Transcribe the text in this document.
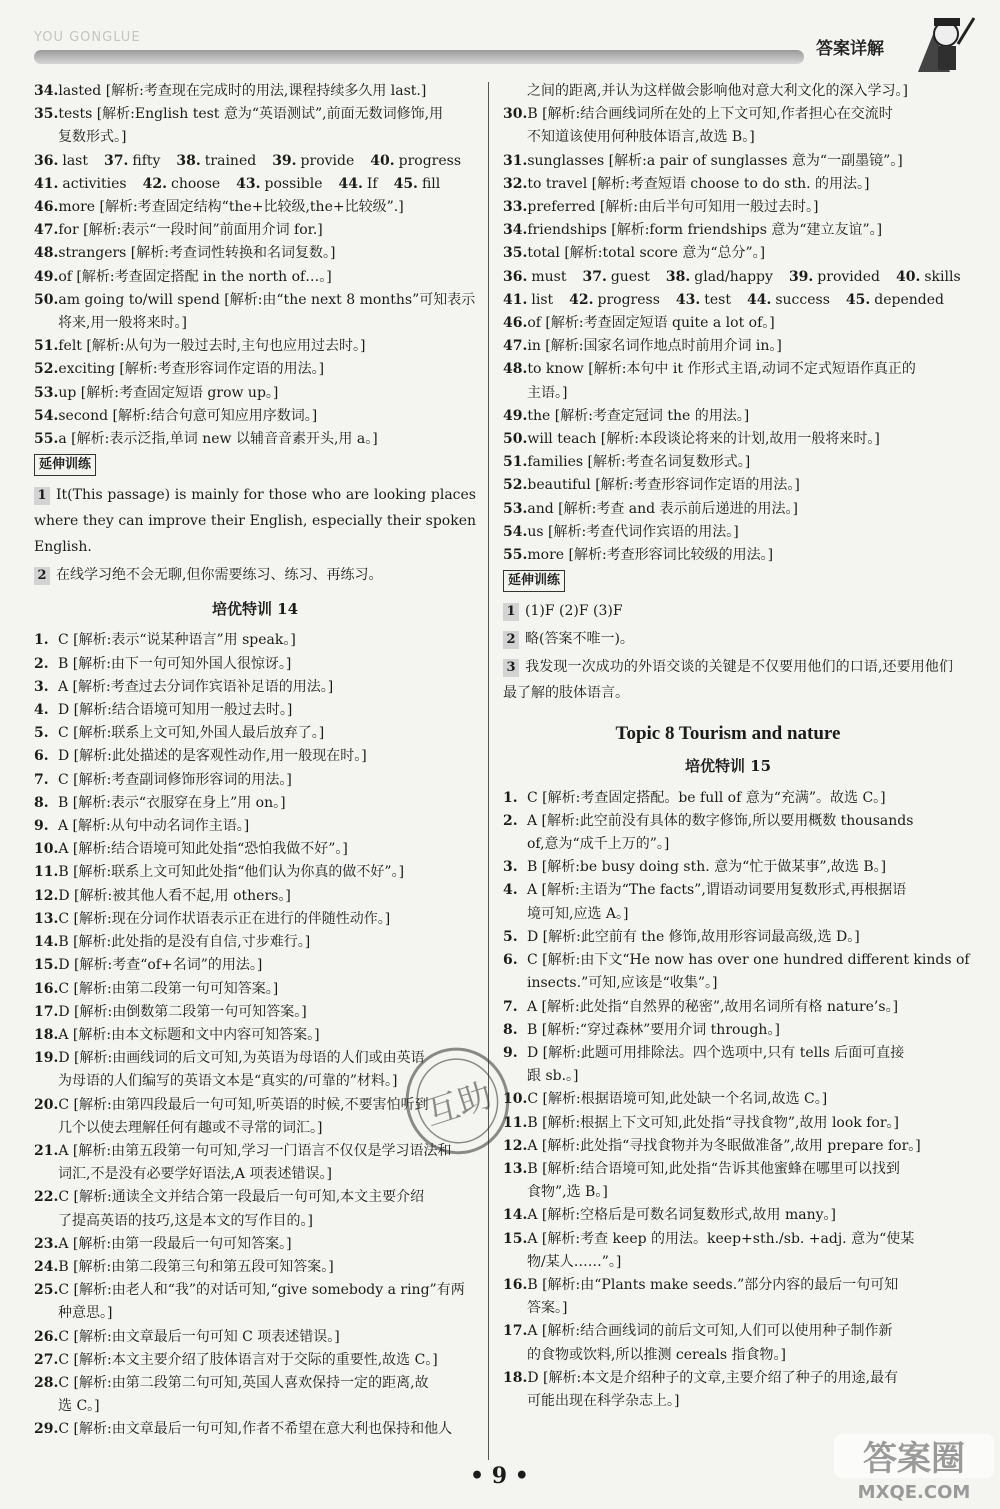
YOU GONGLUE
答案详解
34. lasted [解析:考查现在完成时的用法,课程持续多久用 last.]
35. tests [解析:English test 意为“英语测试”,前面无数词修饰,用
复数形式。]
36. last 37. fifty 38. trained 39. provide 40. progress
41. activities 42. choose 43. possible 44. If 45. fill
46. more [解析:考查固定结构“the+比较级,the+比较级”.]
47. for [解析:表示“一段时间”前面用介词 for.]
48. strangers [解析:考查词性转换和名词复数。]
49. of [解析:考查固定搭配 in the north of…。]
50. am going to/will spend [解析:由“the next 8 months”可知表示
将来,用一般将来时。]
51. felt [解析:从句为一般过去时,主句也应用过去时。]
52. exciting [解析:考查形容词作定语的用法。]
53. up [解析:考查固定短语 grow up。]
54. second [解析:结合句意可知应用序数词。]
55. a [解析:表示泛指,单词 new 以辅音音素开头,用 a。]
延伸训练
1 It(This passage) is mainly for those who are looking places where they can improve their English, especially their spoken English.
2 在线学习绝不会无聊,但你需要练习、练习、再练习。
培优特训 14
1. C [解析:表示“说某种语言”用 speak。]
2. B [解析:由下一句可知外国人很惊讶。]
3. A [解析:考查过去分词作宾语补足语的用法。]
4. D [解析:结合语境可知用一般过去时。]
5. C [解析:联系上文可知,外国人最后放弃了。]
6. D [解析:此处描述的是客观性动作,用一般现在时。]
7. C [解析:考查副词修饰形容词的用法。]
8. B [解析:表示“衣服穿在身上”用 on。]
9. A [解析:从句中动名词作主语。]
10. A [解析:结合语境可知此处指“恐怕我做不好”。]
11. B [解析:联系上文可知此处指“他们认为你真的做不好”。]
12. D [解析:被其他人看不起,用 others。]
13. C [解析:现在分词作状语表示正在进行的伴随性动作。]
14. B [解析:此处指的是没有自信,寸步难行。]
15. D [解析:考查“of+名词”的用法。]
16. C [解析:由第二段第一句可知答案。]
17. D [解析:由倒数第二段第一句可知答案。]
18. A [解析:由本文标题和文中内容可知答案。]
19. D [解析:由画线词的后文可知,为英语为母语的人们或由英语
为母语的人们编写的英语文本是“真实的/可靠的”材料。]
20. C [解析:由第四段最后一句可知,听英语的时候,不要害怕听到
几个以使去理解任何有趣或不寻常的词汇。]
21. A [解析:由第五段第一句可知,学习一门语言不仅仅是学习语法和
词汇,不是没有必要学好语法,A 项表述错误。]
22. C [解析:通读全文并结合第一段最后一句可知,本文主要介绍
了提高英语的技巧,这是本文的写作目的。]
23. A [解析:由第一段最后一句可知答案。]
24. B [解析:由第二段第三句和第五段可知答案。]
25. C [解析:由老人和“我”的对话可知,“give somebody a ring”有两
种意思。]
26. C [解析:由文章最后一句可知 C 项表述错误。]
27. C [解析:本文主要介绍了肢体语言对于交际的重要性,故选 C。]
28. C [解析:由第二段第二句可知,英国人喜欢保持一定的距离,故
选 C。]
29. C [解析:由文章最后一句可知,作者不希望在意大利也保持和他人
之间的距离,并认为这样做会影响他对意大利文化的深入学习。]
30. B [解析:结合画线词所在处的上下文可知,作者担心在交流时
不知道该使用何种肢体语言,故选 B。]
31. sunglasses [解析:a pair of sunglasses 意为“一副墨镜”。]
32. to travel [解析:考查短语 choose to do sth. 的用法。]
33. preferred [解析:由后半句可知用一般过去时。]
34. friendships [解析:form friendships 意为“建立友谊”。]
35. total [解析:total score 意为“总分”。]
36. must 37. guest 38. glad/happy 39. provided 40. skills
41. list 42. progress 43. test 44. success 45. depended
46. of [解析:考查固定短语 quite a lot of。]
47. in [解析:国家名词作地点时前用介词 in。]
48. to know [解析:本句中 it 作形式主语,动词不定式短语作真正的
主语。]
49. the [解析:考查定冠词 the 的用法。]
50. will teach [解析:本段谈论将来的计划,故用一般将来时。]
51. families [解析:考查名词复数形式。]
52. beautiful [解析:考查形容词作定语的用法。]
53. and [解析:考查 and 表示前后递进的用法。]
54. us [解析:考查代词作宾语的用法。]
55. more [解析:考查形容词比较级的用法。]
延伸训练
1 (1)F (2)F (3)F
2 略(答案不唯一)。
3 我发现一次成功的外语交谈的关键是不仅要用他们的口语,还要用他们最了解的肢体语言。
Topic 8 Tourism and nature
培优特训 15
1. C [解析:考查固定搭配。be full of 意为“充满”。故选 C。]
2. A [解析:此空前没有具体的数字修饰,所以要用概数 thousands
of,意为“成千上万的”。]
3. B [解析:be busy doing sth. 意为“忙于做某事”,故选 B。]
4. A [解析:主语为“The facts”,谓语动词要用复数形式,再根据语
境可知,应选 A。]
5. D [解析:此空前有 the 修饰,故用形容词最高级,选 D。]
6. C [解析:由下文“He now has over one hundred different kinds of
insects.”可知,应该是“收集”。]
7. A [解析:此处指“自然界的秘密”,故用名词所有格 nature’s。]
8. B [解析:“穿过森林”要用介词 through。]
9. D [解析:此题可用排除法。四个选项中,只有 tells 后面可直接
跟 sb.。]
10. C [解析:根据语境可知,此处缺一个名词,故选 C。]
11. B [解析:根据上下文可知,此处指“寻找食物”,故用 look for。]
12. A [解析:此处指“寻找食物并为冬眠做准备”,故用 prepare for。]
13. B [解析:结合语境可知,此处指“告诉其他蜜蜂在哪里可以找到
食物”,选 B。]
14. A [解析:空格后是可数名词复数形式,故用 many。]
15. A [解析:考查 keep 的用法。keep+sth./sb. +adj. 意为“使某
物/某人……”。]
16. B [解析:由“Plants make seeds.”部分内容的最后一句可知
答案。]
17. A [解析:结合画线词的前后文可知,人们可以使用种子制作新
的食物或饮料,所以推测 cereals 指食物。]
18. D [解析:本文是介绍种子的文章,主要介绍了种子的用途,最有
可能出现在科学杂志上。]
互助
• 9 •	答案圈
MXQE.COM
